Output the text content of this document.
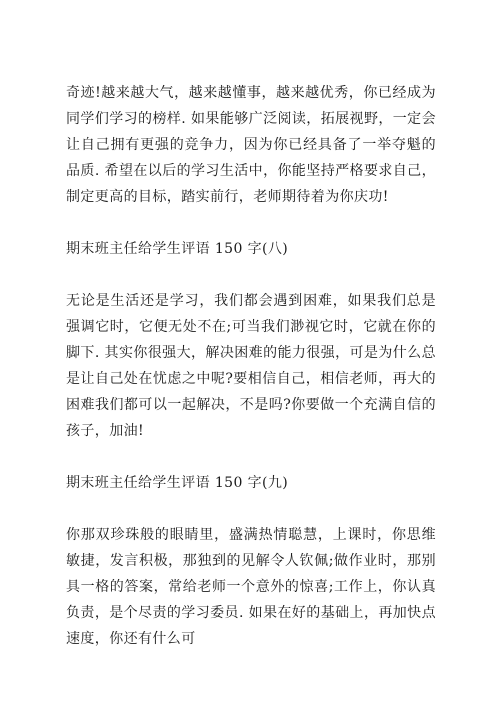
奇迹!越来越大气，越来越懂事，越来越优秀，你已经成为同学们学习的榜样. 如果能够广泛阅读，拓展视野，一定会让自己拥有更强的竞争力，因为你已经具备了一举夺魁的品质. 希望在以后的学习生活中，你能坚持严格要求自己，制定更高的目标，踏实前行，老师期待着为你庆功!

期末班主任给学生评语 150 字(八)

无论是生活还是学习，我们都会遇到困难，如果我们总是强调它时，它便无处不在;可当我们渺视它时，它就在你的脚下. 其实你很强大，解决困难的能力很强，可是为什么总是让自己处在忧虑之中呢?要相信自己，相信老师，再大的困难我们都可以一起解决，不是吗?你要做一个充满自信的孩子，加油!

期末班主任给学生评语 150 字(九)

你那双珍珠般的眼睛里，盛满热情聪慧，上课时，你思维敏捷，发言积极，那独到的见解令人钦佩;做作业时，那别具一格的答案，常给老师一个意外的惊喜;工作上，你认真负责，是个尽责的学习委员. 如果在好的基础上，再加快点速度，你还有什么可
